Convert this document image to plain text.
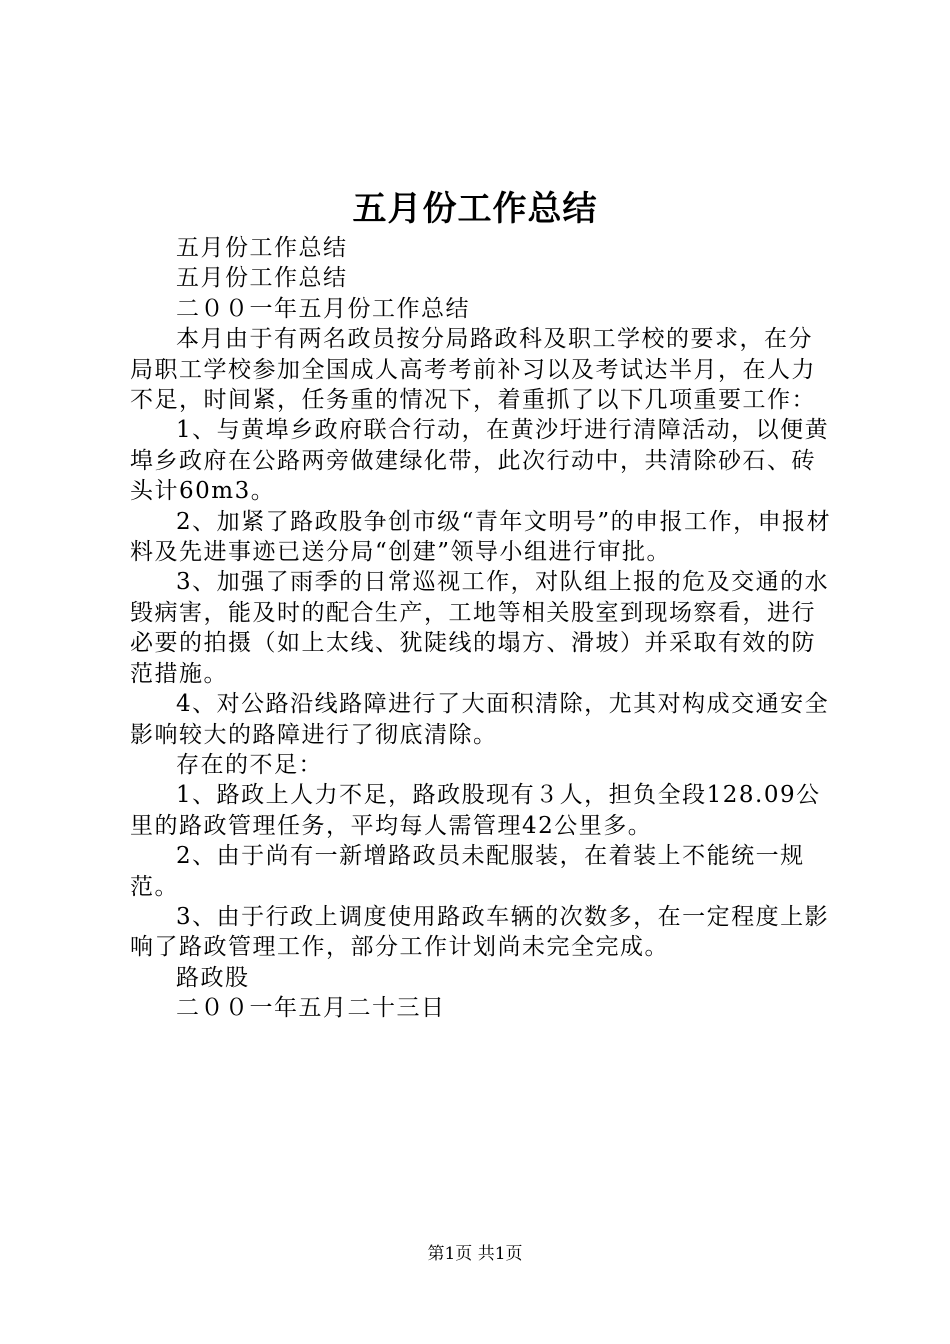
五月份工作总结

五月份工作总结

五月份工作总结

二００一年五月份工作总结

本月由于有两名政员按分局路政科及职工学校的要求，在分局职工学校参加全国成人高考考前补习以及考试达半月，在人力不足，时间紧，任务重的情况下，着重抓了以下几项重要工作：

1、与黄埠乡政府联合行动，在黄沙圩进行清障活动，以便黄埠乡政府在公路两旁做建绿化带，此次行动中，共清除砂石、砖头计60m3。

2、加紧了路政股争创市级“青年文明号”的申报工作，申报材料及先进事迹已送分局“创建”领导小组进行审批。

3、加强了雨季的日常巡视工作，对队组上报的危及交通的水毁病害，能及时的配合生产，工地等相关股室到现场察看，进行必要的拍摄（如上太线、犹陡线的塌方、滑坡）并采取有效的防范措施。

4、对公路沿线路障进行了大面积清除，尤其对构成交通安全影响较大的路障进行了彻底清除。

存在的不足：

1、路政上人力不足，路政股现有３人，担负全段128.09公里的路政管理任务，平均每人需管理42公里多。

2、由于尚有一新增路政员未配服装，在着装上不能统一规范。

3、由于行政上调度使用路政车辆的次数多，在一定程度上影响了路政管理工作，部分工作计划尚未完全完成。

路政股

二００一年五月二十三日

第1页 共1页
